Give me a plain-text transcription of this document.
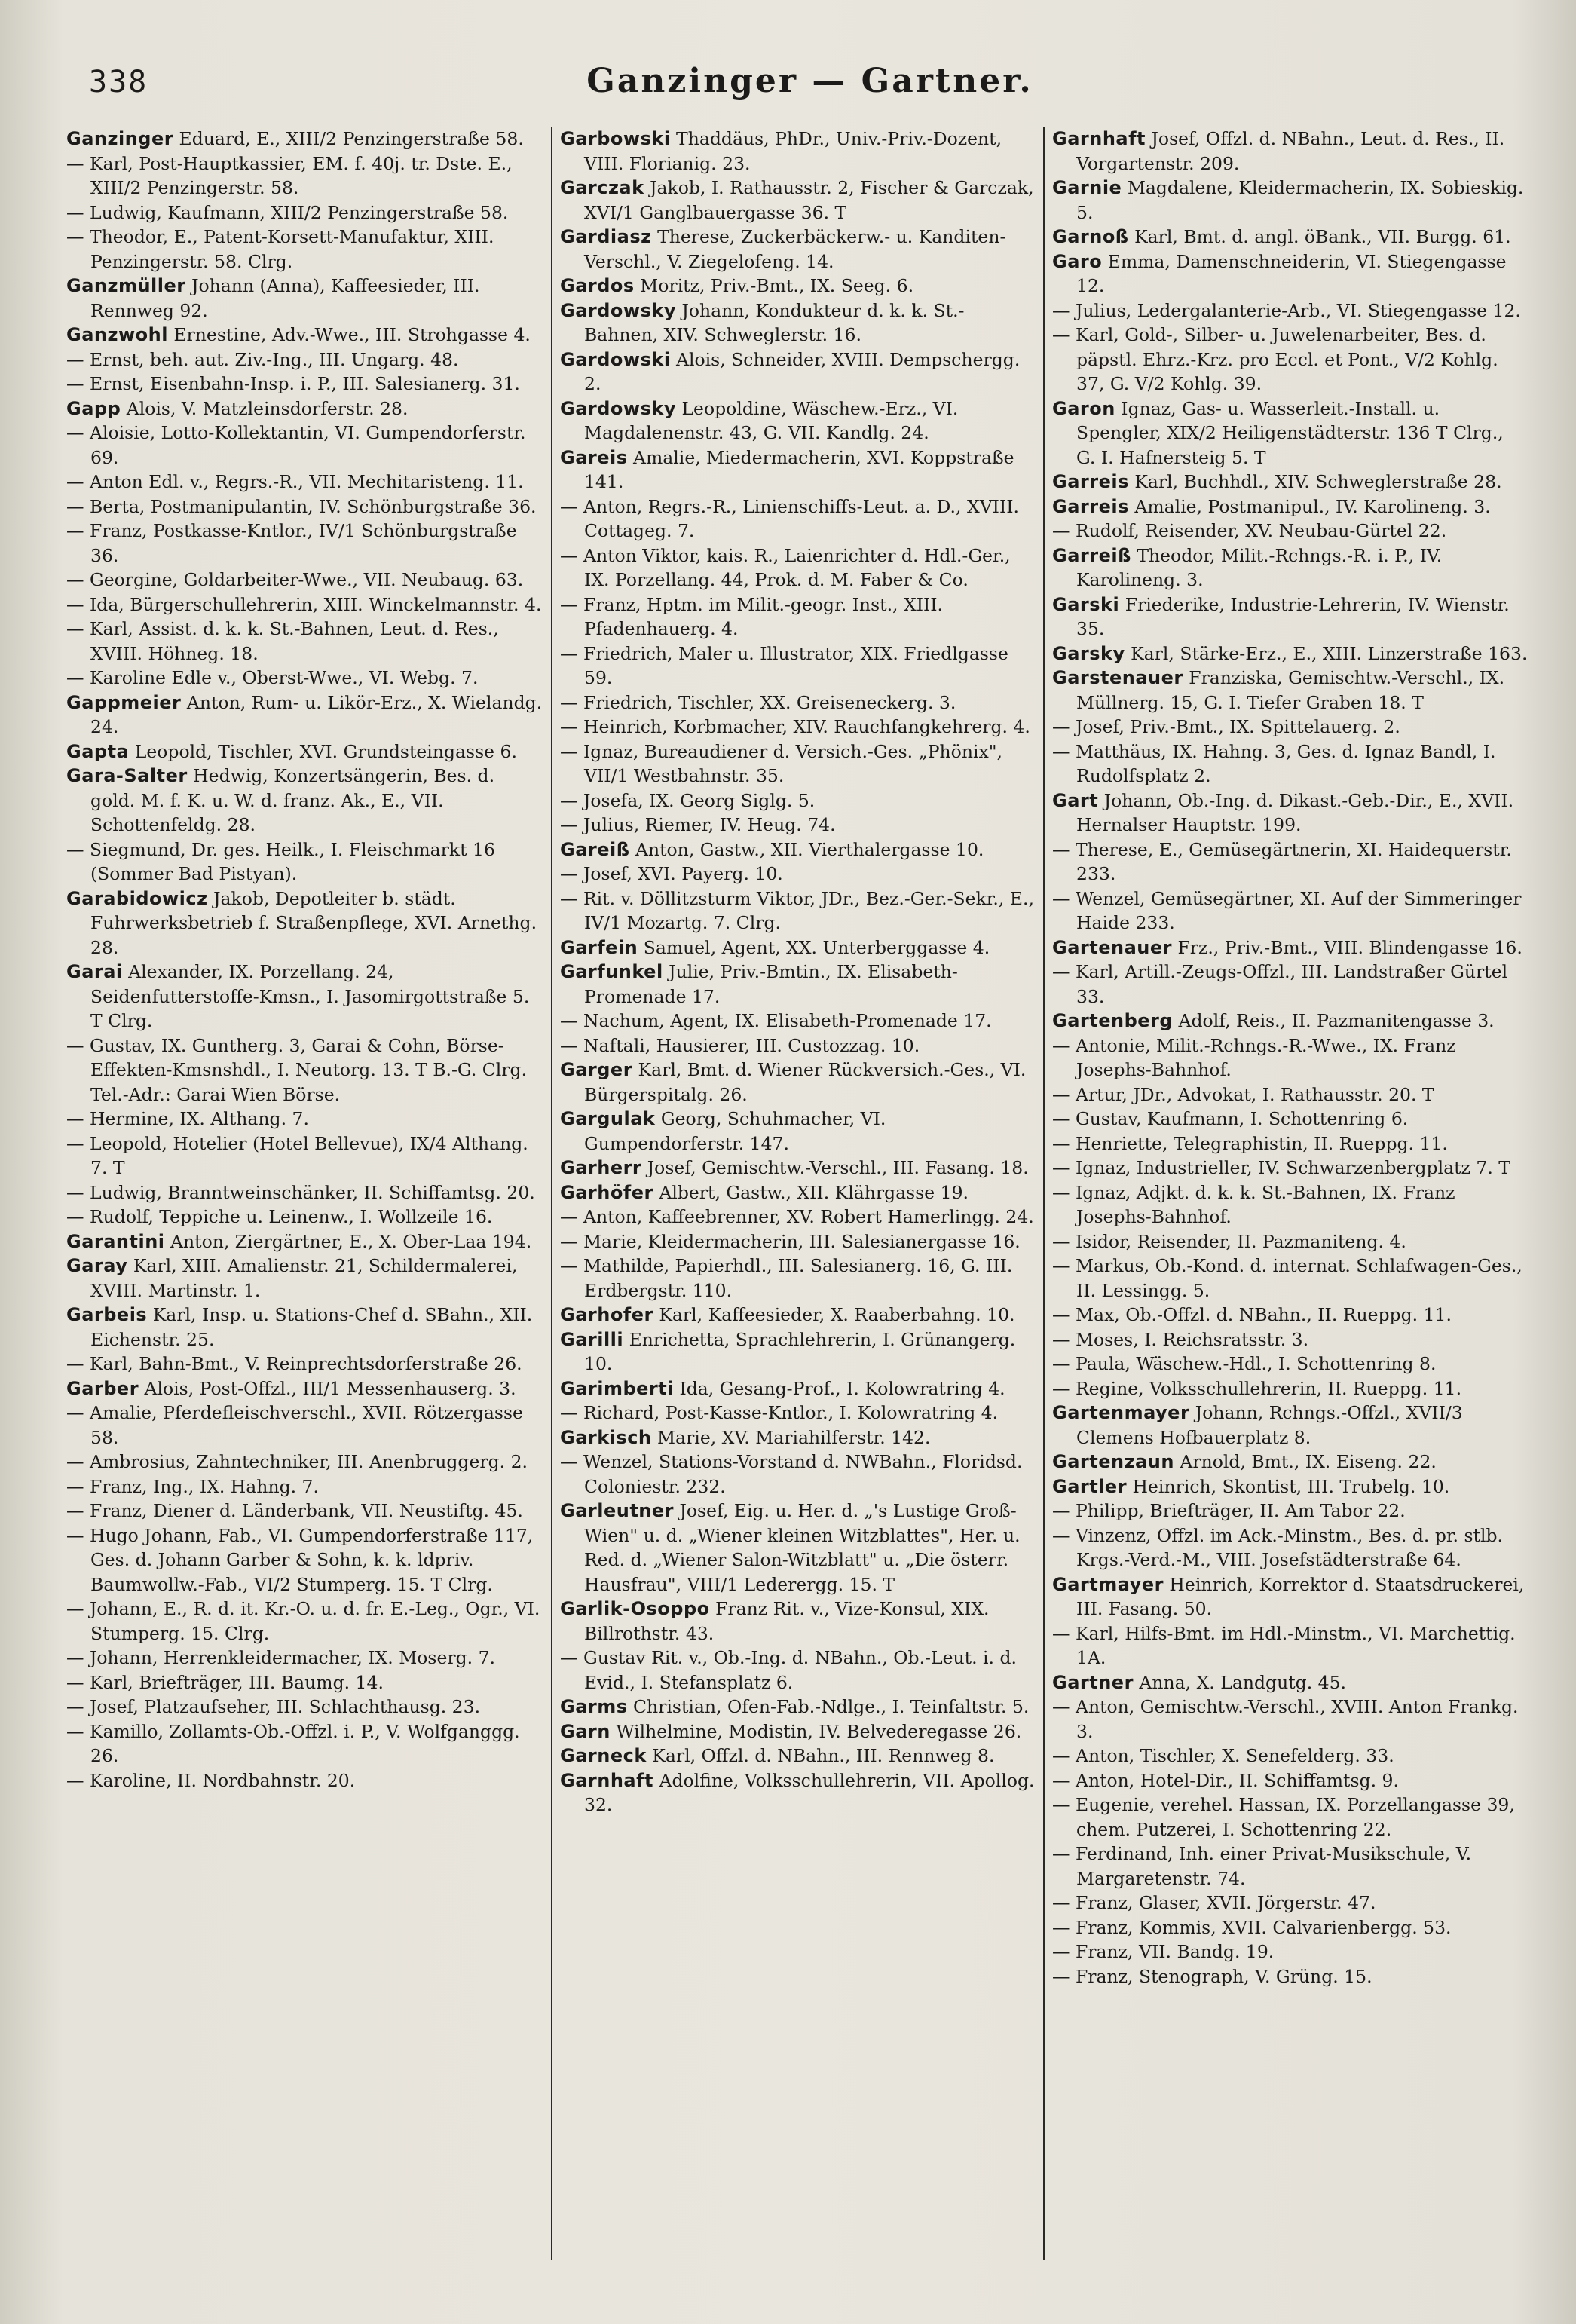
338	Ganzinger — Gartner.

Ganzinger Eduard, E., XIII/2 Penzingerstraße 58.

— Karl, Post-Hauptkassier, EM. f. 40j. tr. Dste. E., XIII/2 Penzingerstr. 58.

— Ludwig, Kaufmann, XIII/2 Penzingerstraße 58.

— Theodor, E., Patent-Korsett-Manufaktur, XIII. Penzingerstr. 58. Clrg.

Ganzmüller Johann (Anna), Kaffeesieder, III. Rennweg 92.

Ganzwohl Ernestine, Adv.-Wwe., III. Strohgasse 4.

— Ernst, beh. aut. Ziv.-Ing., III. Ungarg. 48.

— Ernst, Eisenbahn-Insp. i. P., III. Salesianerg. 31.

Gapp Alois, V. Matzleinsdorferstr. 28.

— Aloisie, Lotto-Kollektantin, VI. Gumpendorferstr. 69.

— Anton Edl. v., Regrs.-R., VII. Mechitaristeng. 11.

— Berta, Postmanipulantin, IV. Schönburgstraße 36.

— Franz, Postkasse-Kntlor., IV/1 Schönburgstraße 36.

— Georgine, Goldarbeiter-Wwe., VII. Neubaug. 63.

— Ida, Bürgerschullehrerin, XIII. Winckelmannstr. 4.

— Karl, Assist. d. k. k. St.-Bahnen, Leut. d. Res., XVIII. Höhneg. 18.

— Karoline Edle v., Oberst-Wwe., VI. Webg. 7.

Gappmeier Anton, Rum- u. Likör-Erz., X. Wielandg. 24.

Gapta Leopold, Tischler, XVI. Grundsteingasse 6.

Gara-Salter Hedwig, Konzertsängerin, Bes. d. gold. M. f. K. u. W. d. franz. Ak., E., VII. Schottenfeldg. 28.

— Siegmund, Dr. ges. Heilk., I. Fleischmarkt 16 (Sommer Bad Pistyan).

Garabidowicz Jakob, Depotleiter b. städt. Fuhrwerksbetrieb f. Straßenpflege, XVI. Arnethg. 28.

Garai Alexander, IX. Porzellang. 24, Seidenfutterstoffe-Kmsn., I. Jasomirgottstraße 5. T Clrg.

— Gustav, IX. Guntherg. 3, Garai & Cohn, Börse-Effekten-Kmsnshdl., I. Neutorg. 13. T B.-G. Clrg. Tel.-Adr.: Garai Wien Börse.

— Hermine, IX. Althang. 7.

— Leopold, Hotelier (Hotel Bellevue), IX/4 Althang. 7. T

— Ludwig, Branntweinschänker, II. Schiffamtsg. 20.

— Rudolf, Teppiche u. Leinenw., I. Wollzeile 16.

Garantini Anton, Ziergärtner, E., X. Ober-Laa 194.

Garay Karl, XIII. Amalienstr. 21, Schildermalerei, XVIII. Martinstr. 1.

Garbeis Karl, Insp. u. Stations-Chef d. SBahn., XII. Eichenstr. 25.

— Karl, Bahn-Bmt., V. Reinprechtsdorferstraße 26.

Garber Alois, Post-Offzl., III/1 Messenhauserg. 3.

— Amalie, Pferdefleischverschl., XVII. Rötzergasse 58.

— Ambrosius, Zahntechniker, III. Anenbruggerg. 2.

— Franz, Ing., IX. Hahng. 7.

— Franz, Diener d. Länderbank, VII. Neustiftg. 45.

— Hugo Johann, Fab., VI. Gumpendorferstraße 117, Ges. d. Johann Garber & Sohn, k. k. ldpriv. Baumwollw.-Fab., VI/2 Stumperg. 15. T Clrg.

— Johann, E., R. d. it. Kr.-O. u. d. fr. E.-Leg., Ogr., VI. Stumperg. 15. Clrg.

— Johann, Herrenkleidermacher, IX. Moserg. 7.

— Karl, Briefträger, III. Baumg. 14.

— Josef, Platzaufseher, III. Schlachthausg. 23.

— Kamillo, Zollamts-Ob.-Offzl. i. P., V. Wolfganggg. 26.

— Karoline, II. Nordbahnstr. 20.

Garbowski Thaddäus, PhDr., Univ.-Priv.-Dozent, VIII. Florianig. 23.

Garczak Jakob, I. Rathausstr. 2, Fischer & Garczak, XVI/1 Ganglbauergasse 36. T

Gardiasz Therese, Zuckerbäckerw.- u. Kanditen-Verschl., V. Ziegelofeng. 14.

Gardos Moritz, Priv.-Bmt., IX. Seeg. 6.

Gardowsky Johann, Kondukteur d. k. k. St.-Bahnen, XIV. Schweglerstr. 16.

Gardowski Alois, Schneider, XVIII. Dempschergg. 2.

Gardowsky Leopoldine, Wäschew.-Erz., VI. Magdalenenstr. 43, G. VII. Kandlg. 24.

Gareis Amalie, Miedermacherin, XVI. Koppstraße 141.

— Anton, Regrs.-R., Linienschiffs-Leut. a. D., XVIII. Cottageg. 7.

— Anton Viktor, kais. R., Laienrichter d. Hdl.-Ger., IX. Porzellang. 44, Prok. d. M. Faber & Co.

— Franz, Hptm. im Milit.-geogr. Inst., XIII. Pfadenhauerg. 4.

— Friedrich, Maler u. Illustrator, XIX. Friedlgasse 59.

— Friedrich, Tischler, XX. Greiseneckerg. 3.

— Heinrich, Korbmacher, XIV. Rauchfangkehrerg. 4.

— Ignaz, Bureaudiener d. Versich.-Ges. „Phönix", VII/1 Westbahnstr. 35.

— Josefa, IX. Georg Siglg. 5.

— Julius, Riemer, IV. Heug. 74.

Gareiß Anton, Gastw., XII. Vierthalergasse 10.

— Josef, XVI. Payerg. 10.

— Rit. v. Döllitzsturm Viktor, JDr., Bez.-Ger.-Sekr., E., IV/1 Mozartg. 7. Clrg.

Garfein Samuel, Agent, XX. Unterberggasse 4.

Garfunkel Julie, Priv.-Bmtin., IX. Elisabeth-Promenade 17.

— Nachum, Agent, IX. Elisabeth-Promenade 17.

— Naftali, Hausierer, III. Custozzag. 10.

Garger Karl, Bmt. d. Wiener Rückversich.-Ges., VI. Bürgerspitalg. 26.

Gargulak Georg, Schuhmacher, VI. Gumpendorferstr. 147.

Garherr Josef, Gemischtw.-Verschl., III. Fasang. 18.

Garhöfer Albert, Gastw., XII. Klährgasse 19.

— Anton, Kaffeebrenner, XV. Robert Hamerlingg. 24.

— Marie, Kleidermacherin, III. Salesianergasse 16.

— Mathilde, Papierhdl., III. Salesianerg. 16, G. III. Erdbergstr. 110.

Garhofer Karl, Kaffeesieder, X. Raaberbahng. 10.

Garilli Enrichetta, Sprachlehrerin, I. Grünangerg. 10.

Garimberti Ida, Gesang-Prof., I. Kolowratring 4.

— Richard, Post-Kasse-Kntlor., I. Kolowratring 4.

Garkisch Marie, XV. Mariahilferstr. 142.

— Wenzel, Stations-Vorstand d. NWBahn., Floridsd. Coloniestr. 232.

Garleutner Josef, Eig. u. Her. d. „'s Lustige Groß-Wien" u. d. „Wiener kleinen Witzblattes", Her. u. Red. d. „Wiener Salon-Witzblatt" u. „Die österr. Hausfrau", VIII/1 Lederergg. 15. T

Garlik-Osoppo Franz Rit. v., Vize-Konsul, XIX. Billrothstr. 43.

— Gustav Rit. v., Ob.-Ing. d. NBahn., Ob.-Leut. i. d. Evid., I. Stefansplatz 6.

Garms Christian, Ofen-Fab.-Ndlge., I. Teinfaltstr. 5.

Garn Wilhelmine, Modistin, IV. Belvederegasse 26.

Garneck Karl, Offzl. d. NBahn., III. Rennweg 8.

Garnhaft Adolfine, Volksschullehrerin, VII. Apollog. 32.

Garnhaft Josef, Offzl. d. NBahn., Leut. d. Res., II. Vorgartenstr. 209.

Garnie Magdalene, Kleidermacherin, IX. Sobieskig. 5.

Garnoß Karl, Bmt. d. angl. öBank., VII. Burgg. 61.

Garo Emma, Damenschneiderin, VI. Stiegengasse 12.

— Julius, Ledergalanterie-Arb., VI. Stiegengasse 12.

— Karl, Gold-, Silber- u. Juwelenarbeiter, Bes. d. päpstl. Ehrz.-Krz. pro Eccl. et Pont., V/2 Kohlg. 37, G. V/2 Kohlg. 39.

Garon Ignaz, Gas- u. Wasserleit.-Install. u. Spengler, XIX/2 Heiligenstädterstr. 136 T Clrg., G. I. Hafnersteig 5. T

Garreis Karl, Buchhdl., XIV. Schweglerstraße 28.

Garreis Amalie, Postmanipul., IV. Karolineng. 3.

— Rudolf, Reisender, XV. Neubau-Gürtel 22.

Garreiß Theodor, Milit.-Rchngs.-R. i. P., IV. Karolineng. 3.

Garski Friederike, Industrie-Lehrerin, IV. Wienstr. 35.

Garsky Karl, Stärke-Erz., E., XIII. Linzerstraße 163.

Garstenauer Franziska, Gemischtw.-Verschl., IX. Müllnerg. 15, G. I. Tiefer Graben 18. T

— Josef, Priv.-Bmt., IX. Spittelauerg. 2.

— Matthäus, IX. Hahng. 3, Ges. d. Ignaz Bandl, I. Rudolfsplatz 2.

Gart Johann, Ob.-Ing. d. Dikast.-Geb.-Dir., E., XVII. Hernalser Hauptstr. 199.

— Therese, E., Gemüsegärtnerin, XI. Haidequerstr. 233.

— Wenzel, Gemüsegärtner, XI. Auf der Simmeringer Haide 233.

Gartenauer Frz., Priv.-Bmt., VIII. Blindengasse 16.

— Karl, Artill.-Zeugs-Offzl., III. Landstraßer Gürtel 33.

Gartenberg Adolf, Reis., II. Pazmanitengasse 3.

— Antonie, Milit.-Rchngs.-R.-Wwe., IX. Franz Josephs-Bahnhof.

— Artur, JDr., Advokat, I. Rathausstr. 20. T

— Gustav, Kaufmann, I. Schottenring 6.

— Henriette, Telegraphistin, II. Rueppg. 11.

— Ignaz, Industrieller, IV. Schwarzenbergplatz 7. T

— Ignaz, Adjkt. d. k. k. St.-Bahnen, IX. Franz Josephs-Bahnhof.

— Isidor, Reisender, II. Pazmaniteng. 4.

— Markus, Ob.-Kond. d. internat. Schlafwagen-Ges., II. Lessingg. 5.

— Max, Ob.-Offzl. d. NBahn., II. Rueppg. 11.

— Moses, I. Reichsratsstr. 3.

— Paula, Wäschew.-Hdl., I. Schottenring 8.

— Regine, Volksschullehrerin, II. Rueppg. 11.

Gartenmayer Johann, Rchngs.-Offzl., XVII/3 Clemens Hofbauerplatz 8.

Gartenzaun Arnold, Bmt., IX. Eiseng. 22.

Gartler Heinrich, Skontist, III. Trubelg. 10.

— Philipp, Briefträger, II. Am Tabor 22.

— Vinzenz, Offzl. im Ack.-Minstm., Bes. d. pr. stlb. Krgs.-Verd.-M., VIII. Josefstädterstraße 64.

Gartmayer Heinrich, Korrektor d. Staatsdruckerei, III. Fasang. 50.

— Karl, Hilfs-Bmt. im Hdl.-Minstm., VI. Marchettig. 1A.

Gartner Anna, X. Landgutg. 45.

— Anton, Gemischtw.-Verschl., XVIII. Anton Frankg. 3.

— Anton, Tischler, X. Senefelderg. 33.

— Anton, Hotel-Dir., II. Schiffamtsg. 9.

— Eugenie, verehel. Hassan, IX. Porzellangasse 39, chem. Putzerei, I. Schottenring 22.

— Ferdinand, Inh. einer Privat-Musikschule, V. Margaretenstr. 74.

— Franz, Glaser, XVII. Jörgerstr. 47.

— Franz, Kommis, XVII. Calvarienbergg. 53.

— Franz, VII. Bandg. 19.

— Franz, Stenograph, V. Grüng. 15.
